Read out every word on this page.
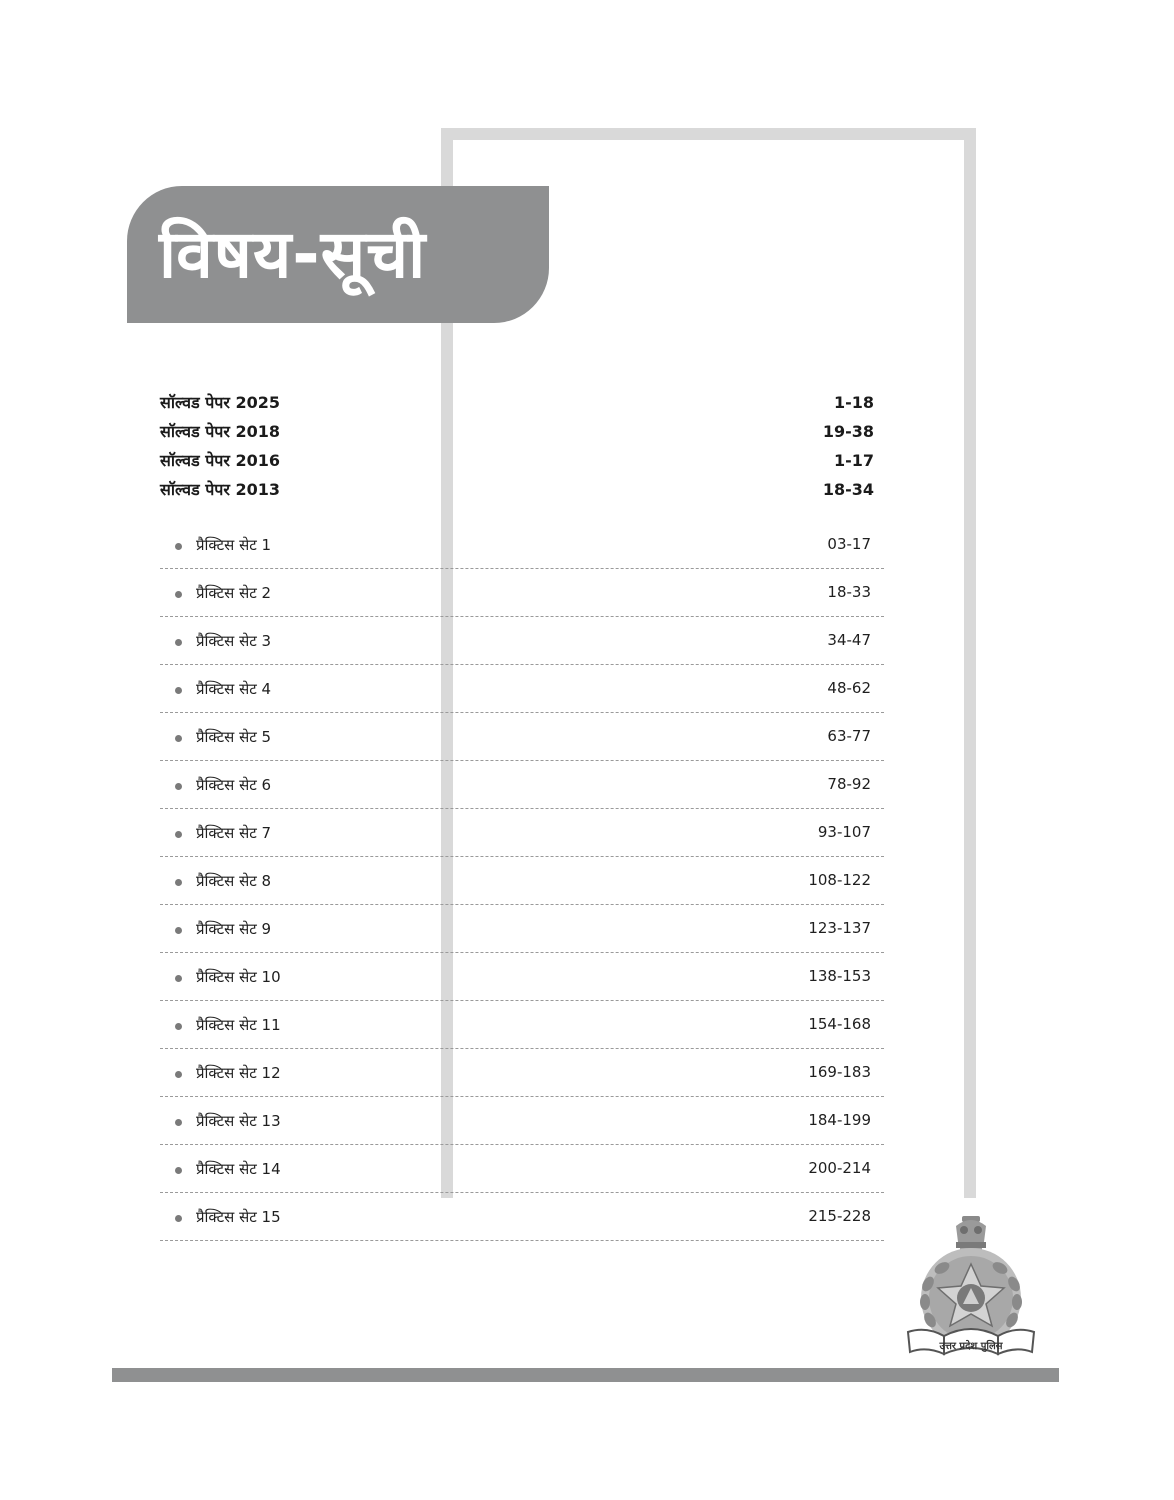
विषय-सूची
सॉल्वड पेपर 2025	1-18
सॉल्वड पेपर 2018	19-38
सॉल्वड पेपर 2016	1-17
सॉल्वड पेपर 2013	18-34
प्रैक्टिस सेट 1	03-17
प्रैक्टिस सेट 2	18-33
प्रैक्टिस सेट 3	34-47
प्रैक्टिस सेट 4	48-62
प्रैक्टिस सेट 5	63-77
प्रैक्टिस सेट 6	78-92
प्रैक्टिस सेट 7	93-107
प्रैक्टिस सेट 8	108-122
प्रैक्टिस सेट 9	123-137
प्रैक्टिस सेट 10	138-153
प्रैक्टिस सेट 11	154-168
प्रैक्टिस सेट 12	169-183
प्रैक्टिस सेट 13	184-199
प्रैक्टिस सेट 14	200-214
प्रैक्टिस सेट 15	215-228
उत्तर प्रदेश पुलिस
